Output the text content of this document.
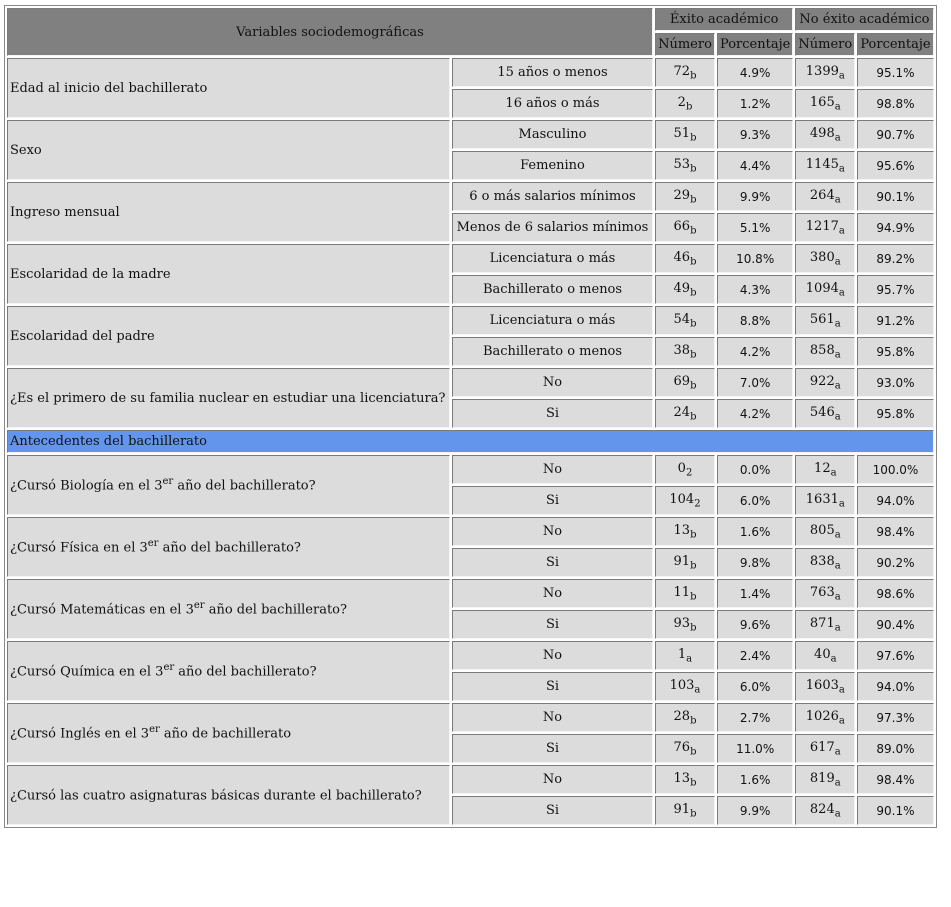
Variables sociodemográficas		Éxito académico		No éxito académico	
		Número	Porcentaje	Número	Porcentaje
Edad al inicio del bachillerato	15 años o menos	$72_b$	4.9%	$1399_a$	95.1%
	16 años o más	$2_b$	1.2%	$165_a$	98.8%
Sexo	Masculino	$51_b$	9.3%	$498_a$	90.7%
	Femenino	$53_b$	4.4%	$1145_a$	95.6%
Ingreso mensual	6 o más salarios mínimos	$29_b$	9.9%	$264_a$	90.1%
	Menos de 6 salarios mínimos	$66_b$	5.1%	$1217_a$	94.9%
Escolaridad de la madre	Licenciatura o más	$46_b$	10.8%	$380_a$	89.2%
	Bachillerato o menos	$49_b$	4.3%	$1094_a$	95.7%
Escolaridad del padre	Licenciatura o más	$54_b$	8.8%	$561_a$	91.2%
	Bachillerato o menos	$38_b$	4.2%	$858_a$	95.8%
¿Es el primero de su familia nuclear en estudiar una licenciatura?	No	$69_b$	7.0%	$922_a$	93.0%
	Si	$24_b$	4.2%	$546_a$	95.8%
Antecedentes del bachillerato					
¿Cursó Biología en el 3er año del bachillerato?	No	$0_2$	0.0%	$12_a$	100.0%
	Si	$104_2$	6.0%	$1631_a$	94.0%
¿Cursó Física en el 3er año del bachillerato?	No	$13_b$	1.6%	$805_a$	98.4%
	Si	$91_b$	9.8%	$838_a$	90.2%
¿Cursó Matemáticas en el 3er año del bachillerato?	No	$11_b$	1.4%	$763_a$	98.6%
	Si	$93_b$	9.6%	$871_a$	90.4%
¿Cursó Química en el 3er año del bachillerato?	No	$1_a$	2.4%	$40_a$	97.6%
	Si	$103_a$	6.0%	$1603_a$	94.0%
¿Cursó Inglés en el 3er año de bachillerato	No	$28_b$	2.7%	$1026_a$	97.3%
	Si	$76_b$	11.0%	$617_a$	89.0%
¿Cursó las cuatro asignaturas básicas durante el bachillerato?	No	$13_b$	1.6%	$819_a$	98.4%
	Si	$91_b$	9.9%	$824_a$	90.1%
